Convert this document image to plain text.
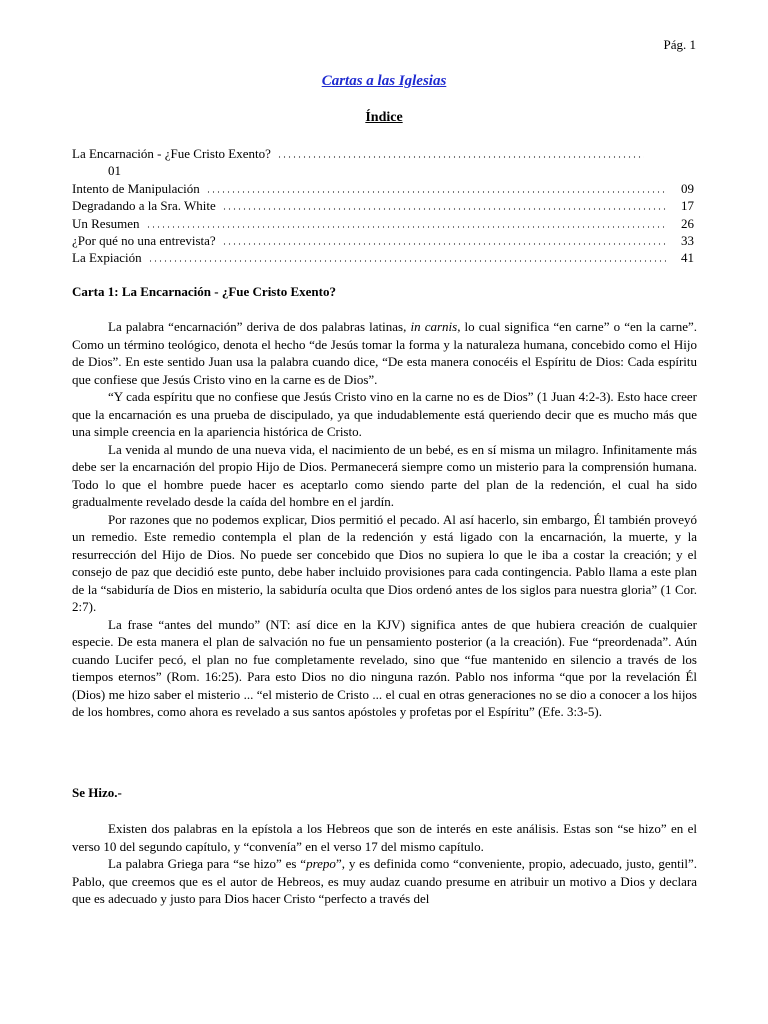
Pág. 1
Cartas a las Iglesias
Índice
La Encarnación - ¿Fue Cristo Exento?
01
Intento de Manipulación	09
Degradando a la Sra. White	17
Un Resumen	26
¿Por qué no una entrevista?	33
La Expiación	41
Carta 1: La Encarnación - ¿Fue Cristo Exento?

La palabra “encarnación” deriva de dos palabras latinas, in carnis, lo cual significa “en carne” o “en la carne”. Como un término teológico, denota el hecho “de Jesús tomar la forma y la naturaleza humana, concebido como el Hijo de Dios”. En este sentido Juan usa la palabra cuando dice, “De esta manera conocéis el Espíritu de Dios: Cada espíritu que confiese que Jesús Cristo vino en la carne es de Dios”.

“Y cada espíritu que no confiese que Jesús Cristo vino en la carne no es de Dios” (1 Juan 4:2-3). Esto hace creer que la encarnación es una prueba de discipulado, ya que indudablemente está queriendo decir que es mucho más que una simple creencia en la apariencia histórica de Cristo.

La venida al mundo de una nueva vida, el nacimiento de un bebé, es en sí misma un milagro. Infinitamente más debe ser la encarnación del propio Hijo de Dios. Permanecerá siempre como un misterio para la comprensión humana. Todo lo que el hombre puede hacer es aceptarlo como siendo parte del plan de la redención, el cual ha sido gradualmente revelado desde la caída del hombre en el jardín.

Por razones que no podemos explicar, Dios permitió el pecado. Al así hacerlo, sin embargo, Él también proveyó un remedio. Este remedio contempla el plan de la redención y está ligado con la encarnación, la muerte, y la resurrección del Hijo de Dios. No puede ser concebido que Dios no supiera lo que le iba a costar la creación; y el consejo de paz que decidió este punto, debe haber incluido provisiones para cada contingencia. Pablo llama a este plan de la “sabiduría de Dios en misterio, la sabiduría oculta que Dios ordenó antes de los siglos para nuestra gloria” (1 Cor. 2:7).

La frase “antes del mundo” (NT: así dice en la KJV) significa antes de que hubiera creación de cualquier especie. De esta manera el plan de salvación no fue un pensamiento posterior (a la creación). Fue “preordenada”. Aún cuando Lucifer pecó, el plan no fue completamente revelado, sino que “fue mantenido en silencio a través de los tiempos eternos” (Rom. 16:25). Para esto Dios no dio ninguna razón. Pablo nos informa “que por la revelación Él (Dios) me hizo saber el misterio ... “el misterio de Cristo ... el cual en otras generaciones no se dio a conocer a los hijos de los hombres, como ahora es revelado a sus santos apóstoles y profetas por el Espíritu” (Efe. 3:3-5).

Se Hizo.-

Existen dos palabras en la epístola a los Hebreos que son de interés en este análisis. Estas son “se hizo” en el verso 10 del segundo capítulo, y “convenía” en el verso 17 del mismo capítulo.

La palabra Griega para “se hizo” es “prepo”, y es definida como “conveniente, propio, adecuado, justo, gentil”. Pablo, que creemos que es el autor de Hebreos, es muy audaz cuando presume en atribuir un motivo a Dios y declara que es adecuado y justo para Dios hacer Cristo “perfecto a través del
